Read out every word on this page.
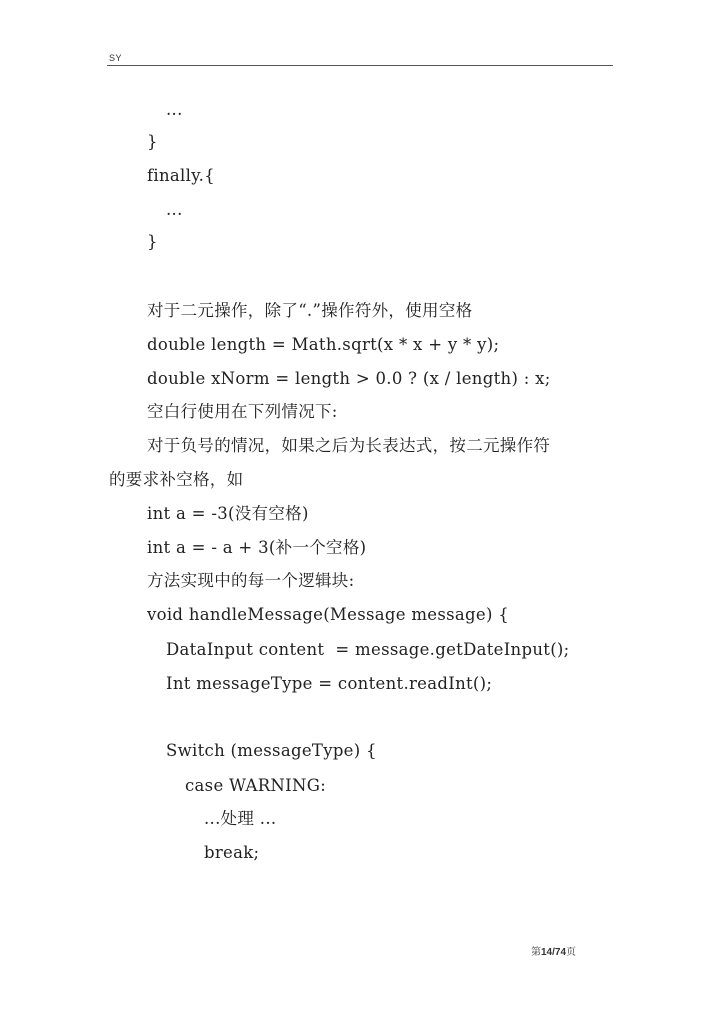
SY
...
}
finally.{
...
}
对于二元操作，除了“.”操作符外，使用空格
double length = Math.sqrt(x * x + y * y);
double xNorm = length > 0.0 ? (x / length) : x;
空白行使用在下列情况下:
对于负号的情况，如果之后为长表达式，按二元操作符
的要求补空格，如
int a = -3(没有空格)
int a = - a + 3(补一个空格)
方法实现中的每一个逻辑块:
void handleMessage(Message message) {
DataInput content  = message.getDateInput();
Int messageType = content.readInt();
Switch (messageType) {
case WARNING:
...处理 ...
break;
第14/74页
